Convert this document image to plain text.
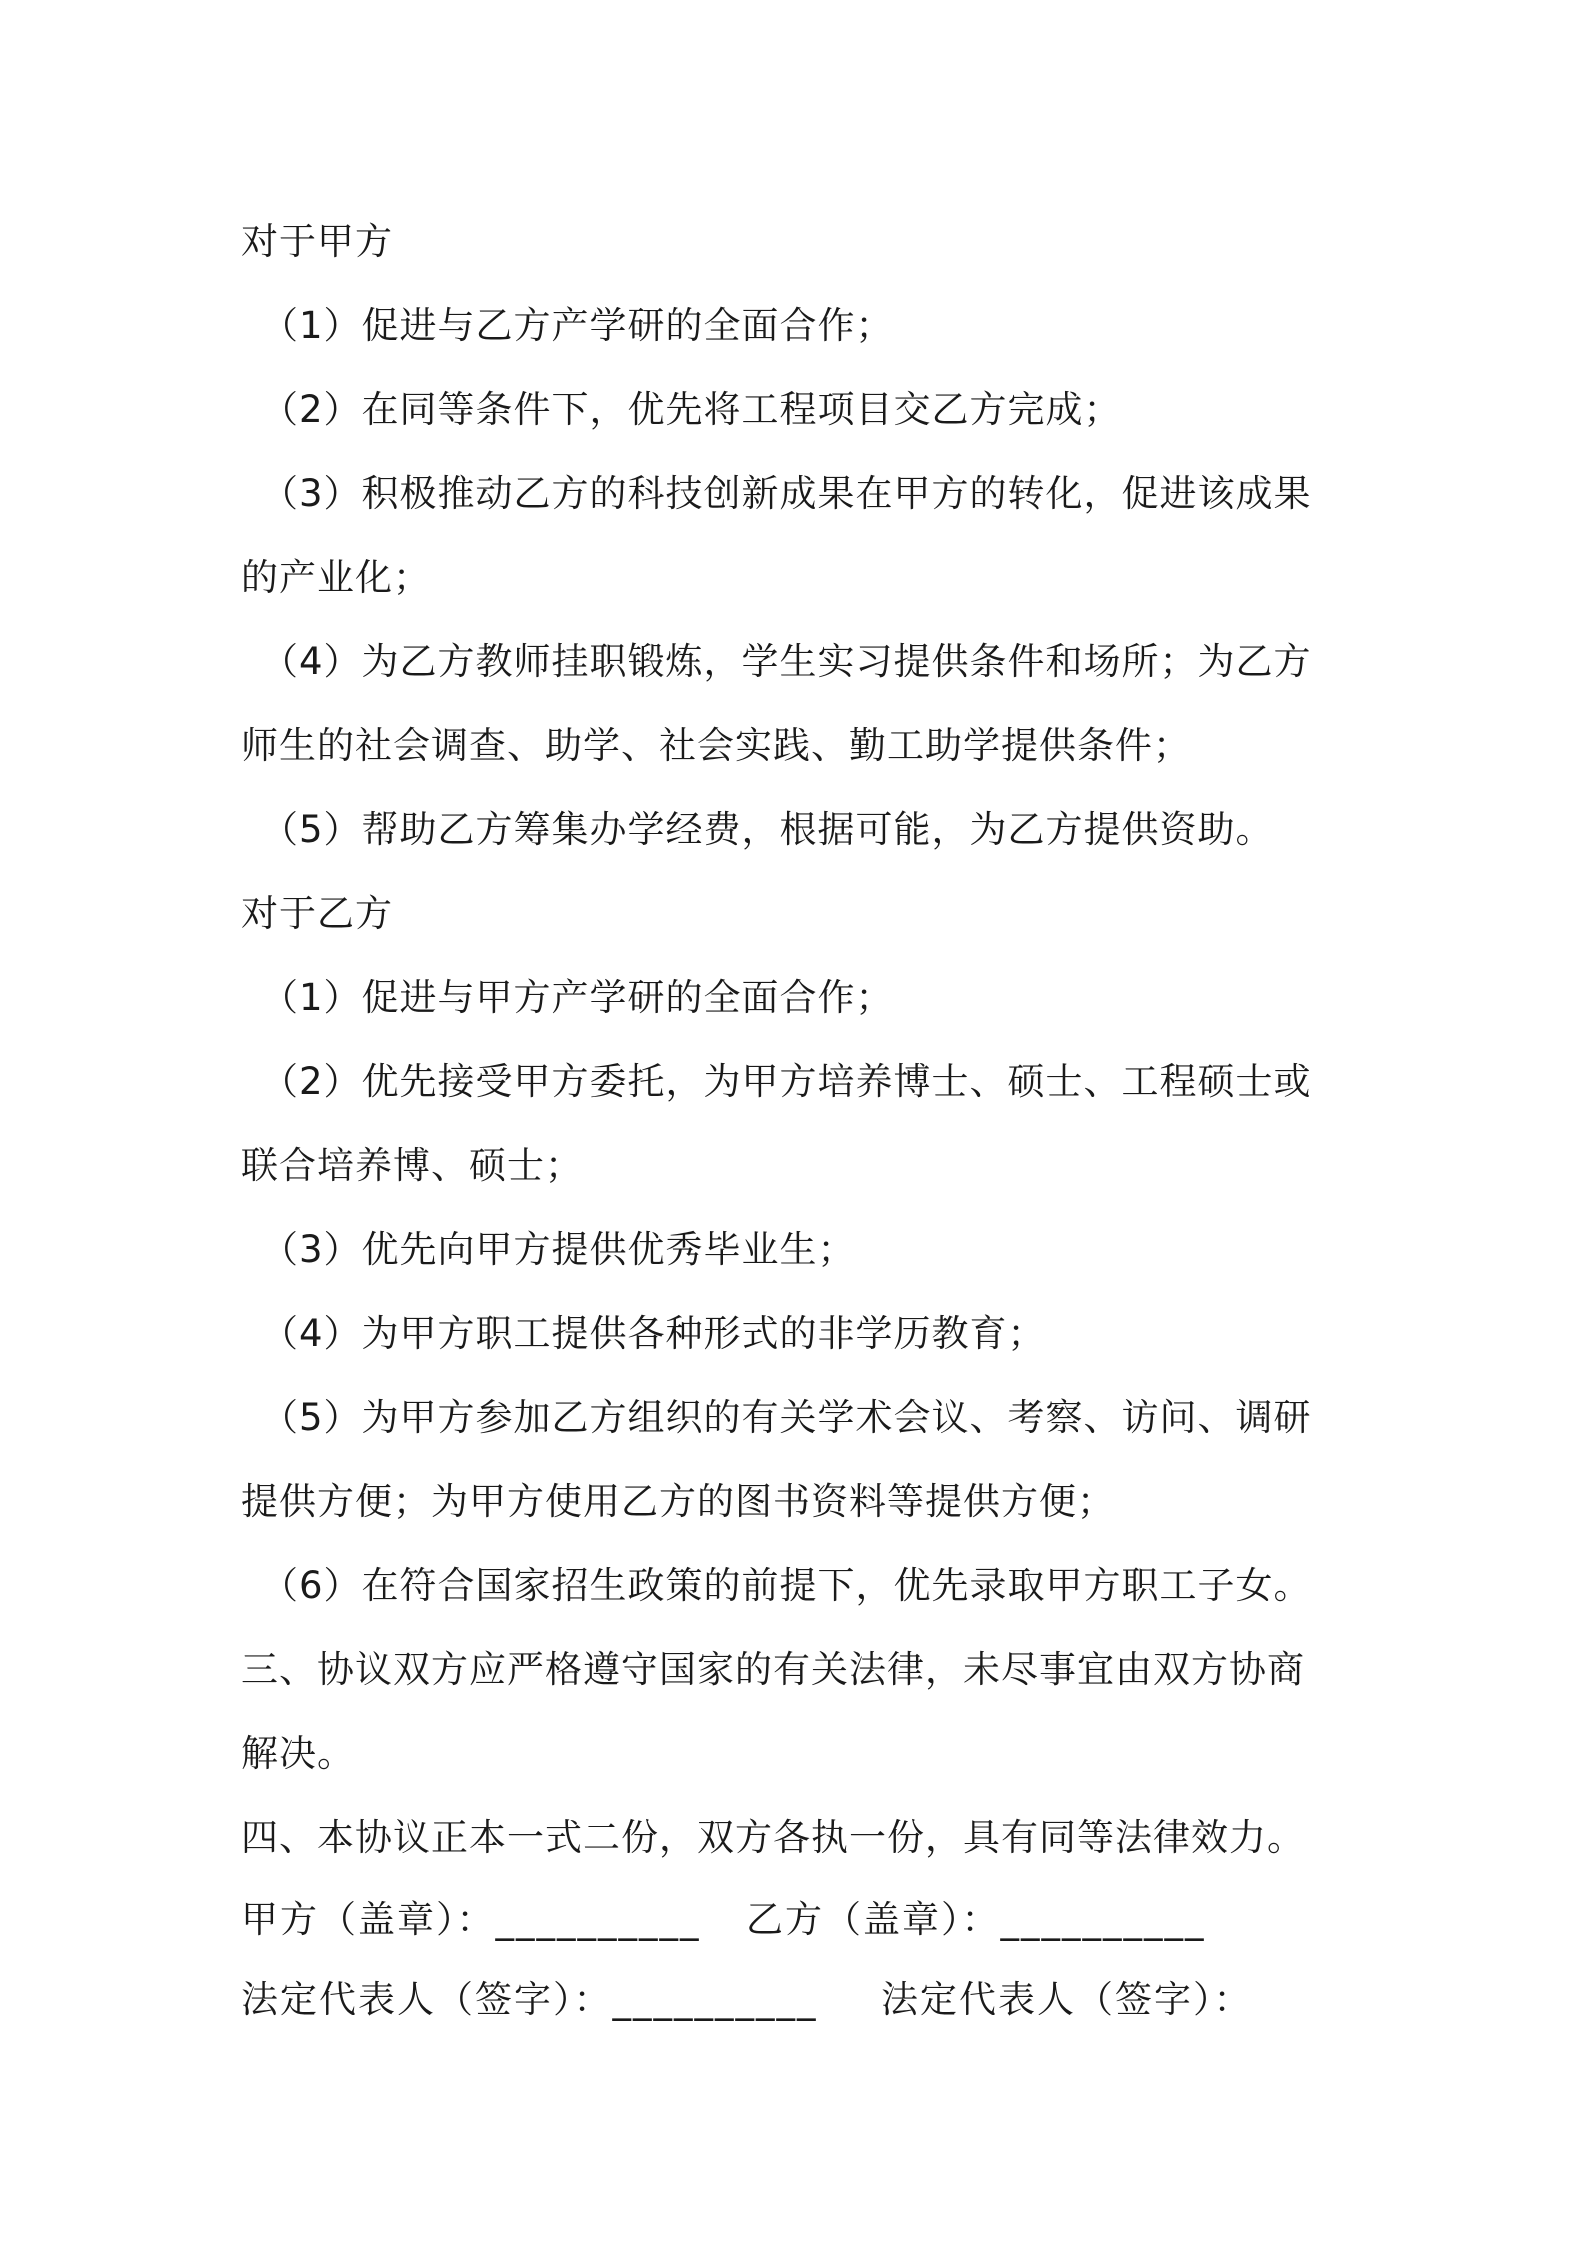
对于甲方
（1）促进与乙方产学研的全面合作；
（2）在同等条件下，优先将工程项目交乙方完成；
（3）积极推动乙方的科技创新成果在甲方的转化，促进该成果
的产业化；
（4）为乙方教师挂职锻炼，学生实习提供条件和场所；为乙方
师生的社会调查、助学、社会实践、勤工助学提供条件；
（5）帮助乙方筹集办学经费，根据可能，为乙方提供资助。
对于乙方
（1）促进与甲方产学研的全面合作；
（2）优先接受甲方委托，为甲方培养博士、硕士、工程硕士或
联合培养博、硕士；
（3）优先向甲方提供优秀毕业生；
（4）为甲方职工提供各种形式的非学历教育；
（5）为甲方参加乙方组织的有关学术会议、考察、访问、调研
提供方便；为甲方使用乙方的图书资料等提供方便；
（6）在符合国家招生政策的前提下，优先录取甲方职工子女。
三、协议双方应严格遵守国家的有关法律，未尽事宜由双方协商
解决。
四、本协议正本一式二份，双方各执一份，具有同等法律效力。
甲方（盖章）：__________ 乙方（盖章）：__________
法定代表人（签字）：__________ 法定代表人（签字）：
